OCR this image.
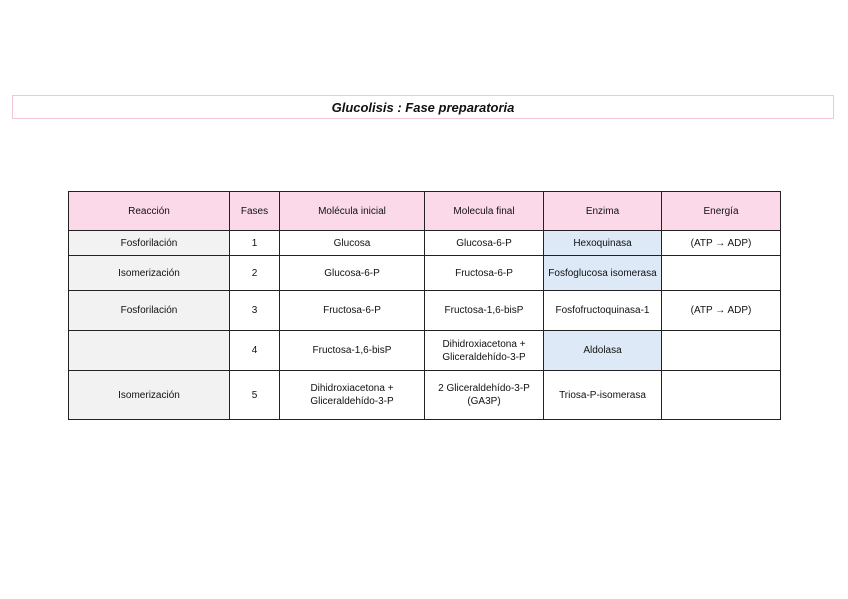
Glucolisis : Fase preparatoria
Reacción	Fases	Molécula inicial	Molecula final	Enzima	Energía
Fosforilación	1	Glucosa	Glucosa-6-P	Hexoquinasa	(ATP → ADP)
Isomerización	2	Glucosa-6-P	Fructosa-6-P	Fosfoglucosa isomerasa	
Fosforilación	3	Fructosa-6-P	Fructosa-1,6-bisP	Fosfofructoquinasa-1	(ATP → ADP)
	4	Fructosa-1,6-bisP	Dihidroxiacetona + Gliceraldehído-3-P	Aldolasa	
Isomerización	5	Dihidroxiacetona + Gliceraldehído-3-P	2 Gliceraldehído-3-P (GA3P)	Triosa-P-isomerasa	
